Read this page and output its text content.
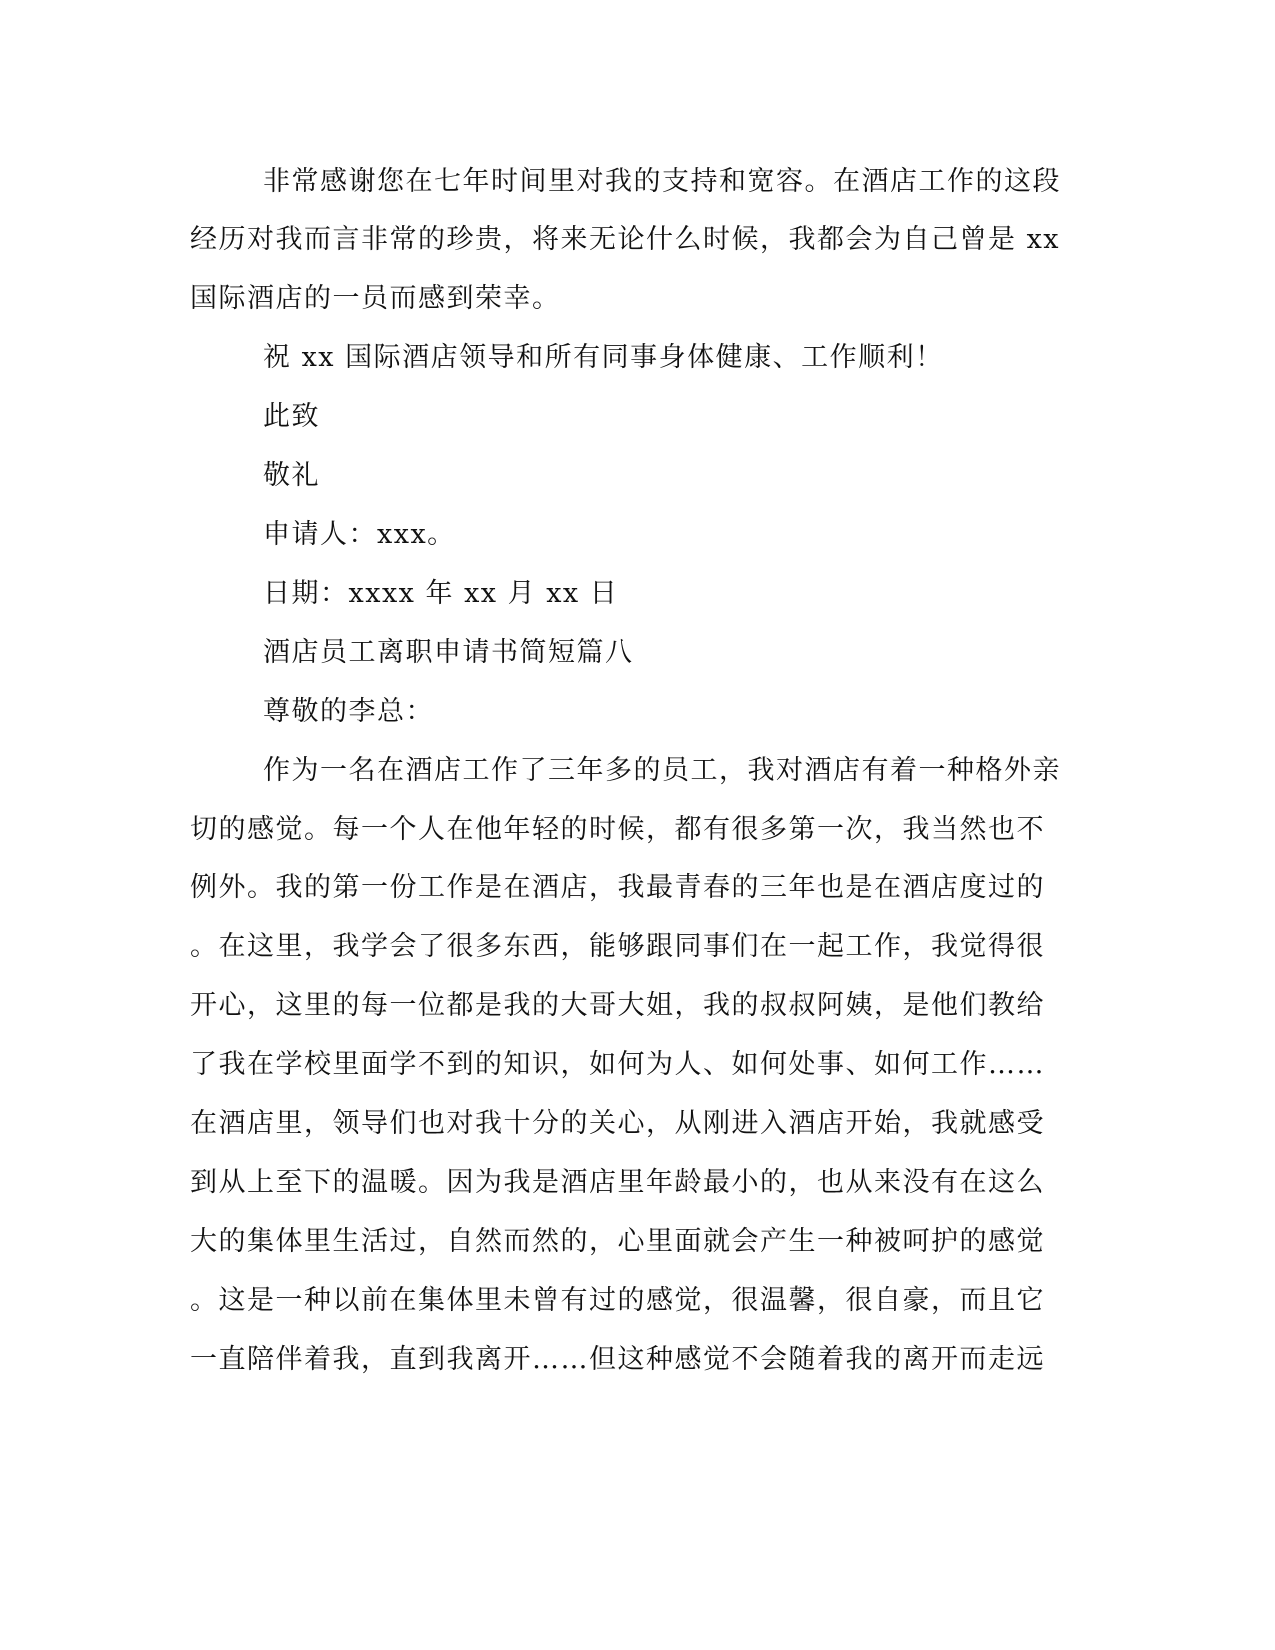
非常感谢您在七年时间里对我的支持和宽容。在酒店工作的这段
经历对我而言非常的珍贵，将来无论什么时候，我都会为自己曾是 xx
国际酒店的一员而感到荣幸。
祝 xx 国际酒店领导和所有同事身体健康、工作顺利！
此致
敬礼
申请人：xxx。
日期：xxxx 年 xx 月 xx 日
酒店员工离职申请书简短篇八
尊敬的李总：
作为一名在酒店工作了三年多的员工，我对酒店有着一种格外亲
切的感觉。每一个人在他年轻的时候，都有很多第一次，我当然也不
例外。我的第一份工作是在酒店，我最青春的三年也是在酒店度过的
。在这里，我学会了很多东西，能够跟同事们在一起工作，我觉得很
开心，这里的每一位都是我的大哥大姐，我的叔叔阿姨，是他们教给
了我在学校里面学不到的知识，如何为人、如何处事、如何工作……
在酒店里，领导们也对我十分的关心，从刚进入酒店开始，我就感受
到从上至下的温暖。因为我是酒店里年龄最小的，也从来没有在这么
大的集体里生活过，自然而然的，心里面就会产生一种被呵护的感觉
。这是一种以前在集体里未曾有过的感觉，很温馨，很自豪，而且它
一直陪伴着我，直到我离开……但这种感觉不会随着我的离开而走远
